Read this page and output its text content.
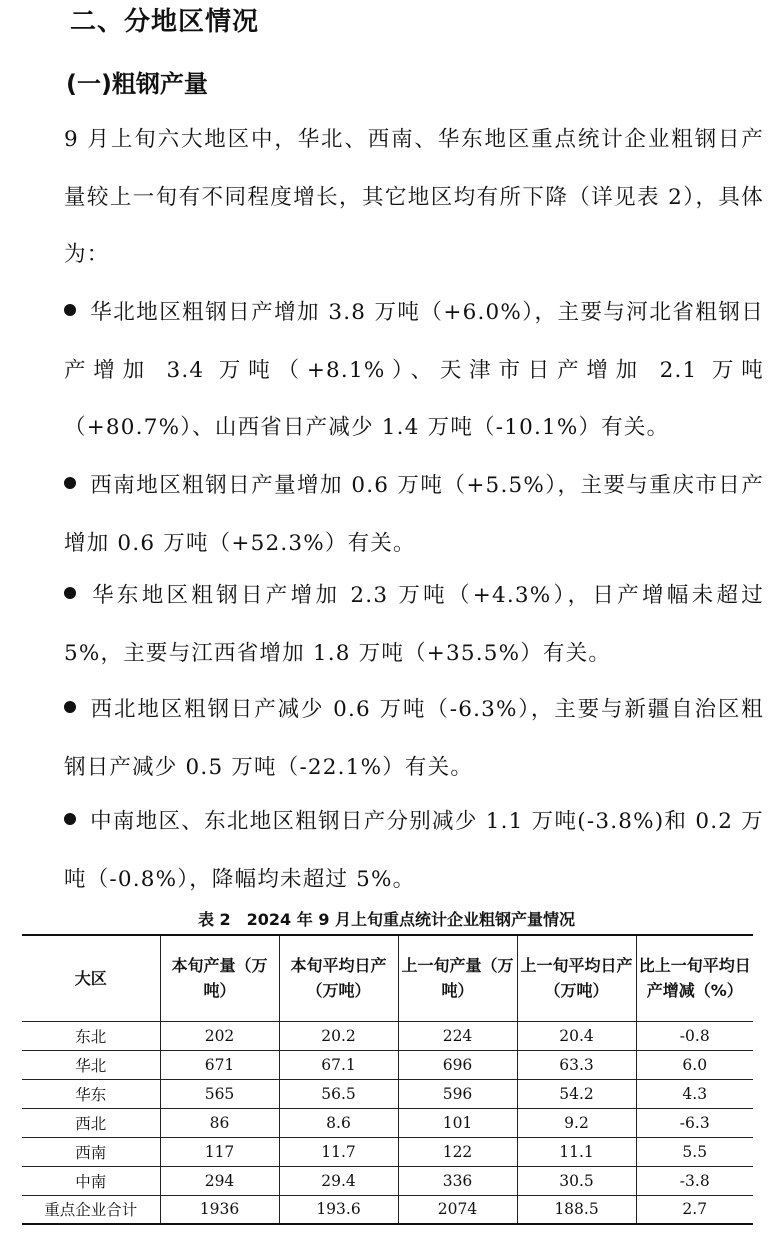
二、分地区情况
(一)粗钢产量
9 月上旬六大地区中，华北、西南、华东地区重点统计企业粗钢日产量较上一旬有不同程度增长，其它地区均有所下降（详见表 2），具体为：
华北地区粗钢日产增加 3.8 万吨（+6.0%），主要与河北省粗钢日产增加 3.4 万吨（+8.1%）、天津市日产增加 2.1 万吨（+80.7%）、山西省日产减少 1.4 万吨（-10.1%）有关。
西南地区粗钢日产量增加 0.6 万吨（+5.5%），主要与重庆市日产增加 0.6 万吨（+52.3%）有关。
华东地区粗钢日产增加 2.3 万吨（+4.3%），日产增幅未超过 5%，主要与江西省增加 1.8 万吨（+35.5%）有关。
西北地区粗钢日产减少 0.6 万吨（-6.3%），主要与新疆自治区粗钢日产减少 0.5 万吨（-22.1%）有关。
中南地区、东北地区粗钢日产分别减少 1.1 万吨(-3.8%)和 0.2 万吨（-0.8%），降幅均未超过 5%。
表 2　2024 年 9 月上旬重点统计企业粗钢产量情况
大区	本旬产量（万吨）	本旬平均日产（万吨）	上一旬产量（万吨）	上一旬平均日产（万吨）	比上一旬平均日产增减（%）
东北	202	20.2	224	20.4	-0.8
华北	671	67.1	696	63.3	6.0
华东	565	56.5	596	54.2	4.3
西北	86	8.6	101	9.2	-6.3
西南	117	11.7	122	11.1	5.5
中南	294	29.4	336	30.5	-3.8
重点企业合计	1936	193.6	2074	188.5	2.7
